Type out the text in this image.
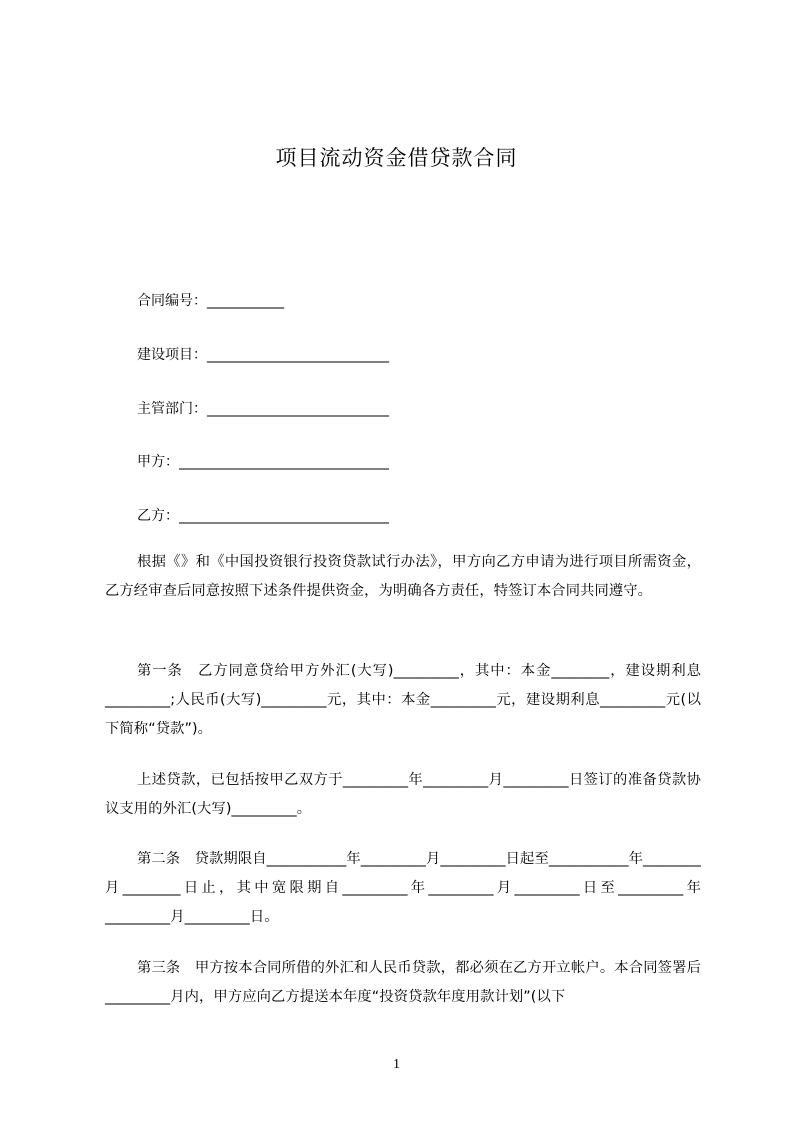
项目流动资金借贷款合同
合同编号：___________
建设项目：__________________________
主管部门：__________________________
甲方：______________________________
乙方：______________________________

根据《》和《中国投资银行投资贷款试行办法》，甲方向乙方申请为进行项目所需资金，乙方经审查后同意按照下述条件提供资金，为明确各方责任，特签订本合同共同遵守。

第一条　乙方同意贷给甲方外汇(大写)_________，其中：本金________，建设期利息_________;人民币(大写)_________元，其中：本金_________元，建设期利息_________元(以下简称“贷款”)。

上述贷款，已包括按甲乙双方于_________年_________月_________日签订的准备贷款协议支用的外汇(大写)_________。

第二条　贷款期限自___________年_________月_________日起至___________年________月________日止，其中宽限期自_________年_________月_________日至_________年_________月_________日。

第三条　甲方按本合同所借的外汇和人民币贷款，都必须在乙方开立帐户。本合同签署后_________月内，甲方应向乙方提送本年度“投资贷款年度用款计划”(以下

1
